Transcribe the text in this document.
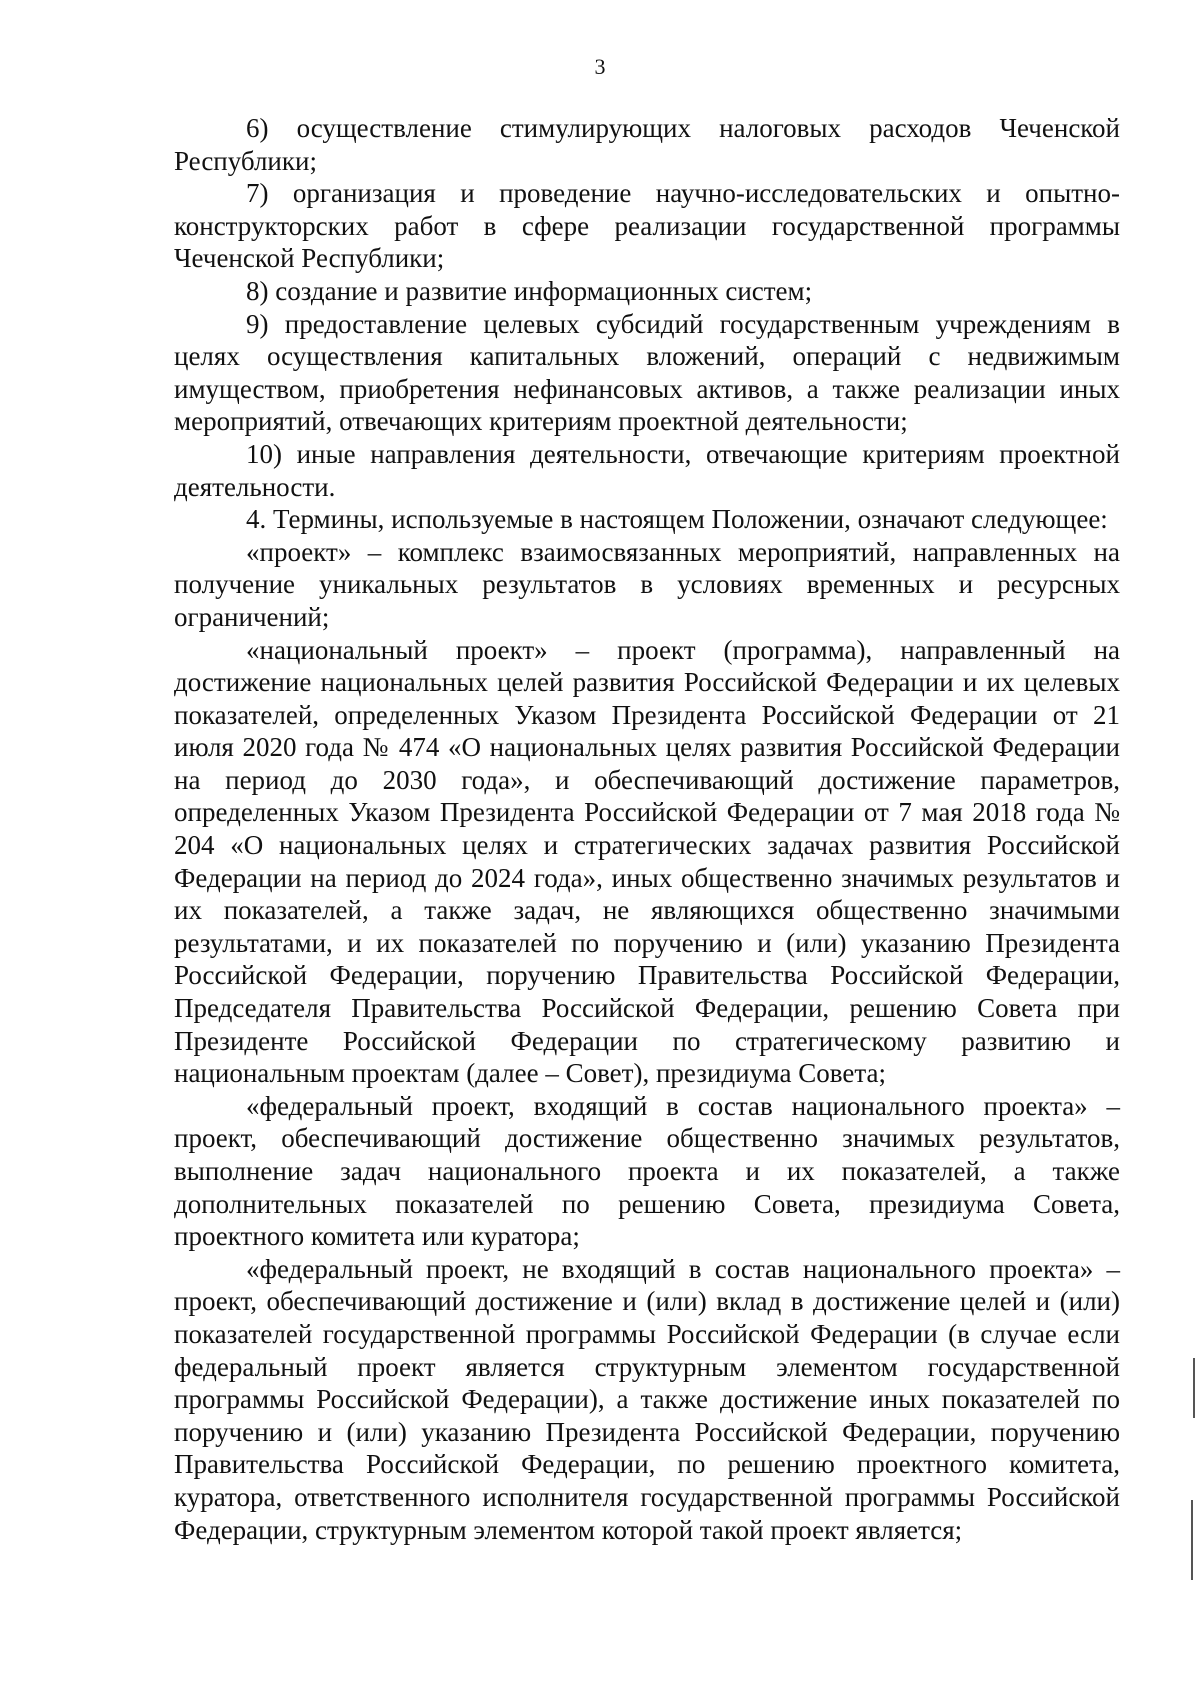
3

6) осуществление стимулирующих налоговых расходов Чеченской Республики;

7) организация и проведение научно-исследовательских и опытно-конструкторских работ в сфере реализации государственной программы Чеченской Республики;

8) создание и развитие информационных систем;

9) предоставление целевых субсидий государственным учреждениям в целях осуществления капитальных вложений, операций с недвижимым имуществом, приобретения нефинансовых активов, а также реализации иных мероприятий, отвечающих критериям проектной деятельности;

10) иные направления деятельности, отвечающие критериям проектной деятельности.

4. Термины, используемые в настоящем Положении, означают следующее:

«проект» – комплекс взаимосвязанных мероприятий, направленных на получение уникальных результатов в условиях временных и ресурсных ограничений;

«национальный проект» – проект (программа), направленный на достижение национальных целей развития Российской Федерации и их целевых показателей, определенных Указом Президента Российской Федерации от 21 июля 2020 года № 474 «О национальных целях развития Российской Федерации на период до 2030 года», и обеспечивающий достижение параметров, определенных Указом Президента Российской Федерации от 7 мая 2018 года № 204 «О национальных целях и стратегических задачах развития Российской Федерации на период до 2024 года», иных общественно значимых результатов и их показателей, а также задач, не являющихся общественно значимыми результатами, и их показателей по поручению и (или) указанию Президента Российской Федерации, поручению Правительства Российской Федерации, Председателя Правительства Российской Федерации, решению Совета при Президенте Российской Федерации по стратегическому развитию и национальным проектам (далее – Совет), президиума Совета;

«федеральный проект, входящий в состав национального проекта» – проект, обеспечивающий достижение общественно значимых результатов, выполнение задач национального проекта и их показателей, а также дополнительных показателей по решению Совета, президиума Совета, проектного комитета или куратора;

«федеральный проект, не входящий в состав национального проекта» – проект, обеспечивающий достижение и (или) вклад в достижение целей и (или) показателей государственной программы Российской Федерации (в случае если федеральный проект является структурным элементом государственной программы Российской Федерации), а также достижение иных показателей по поручению и (или) указанию Президента Российской Федерации, поручению Правительства Российской Федерации, по решению проектного комитета, куратора, ответственного исполнителя государственной программы Российской Федерации, структурным элементом которой такой проект является;
